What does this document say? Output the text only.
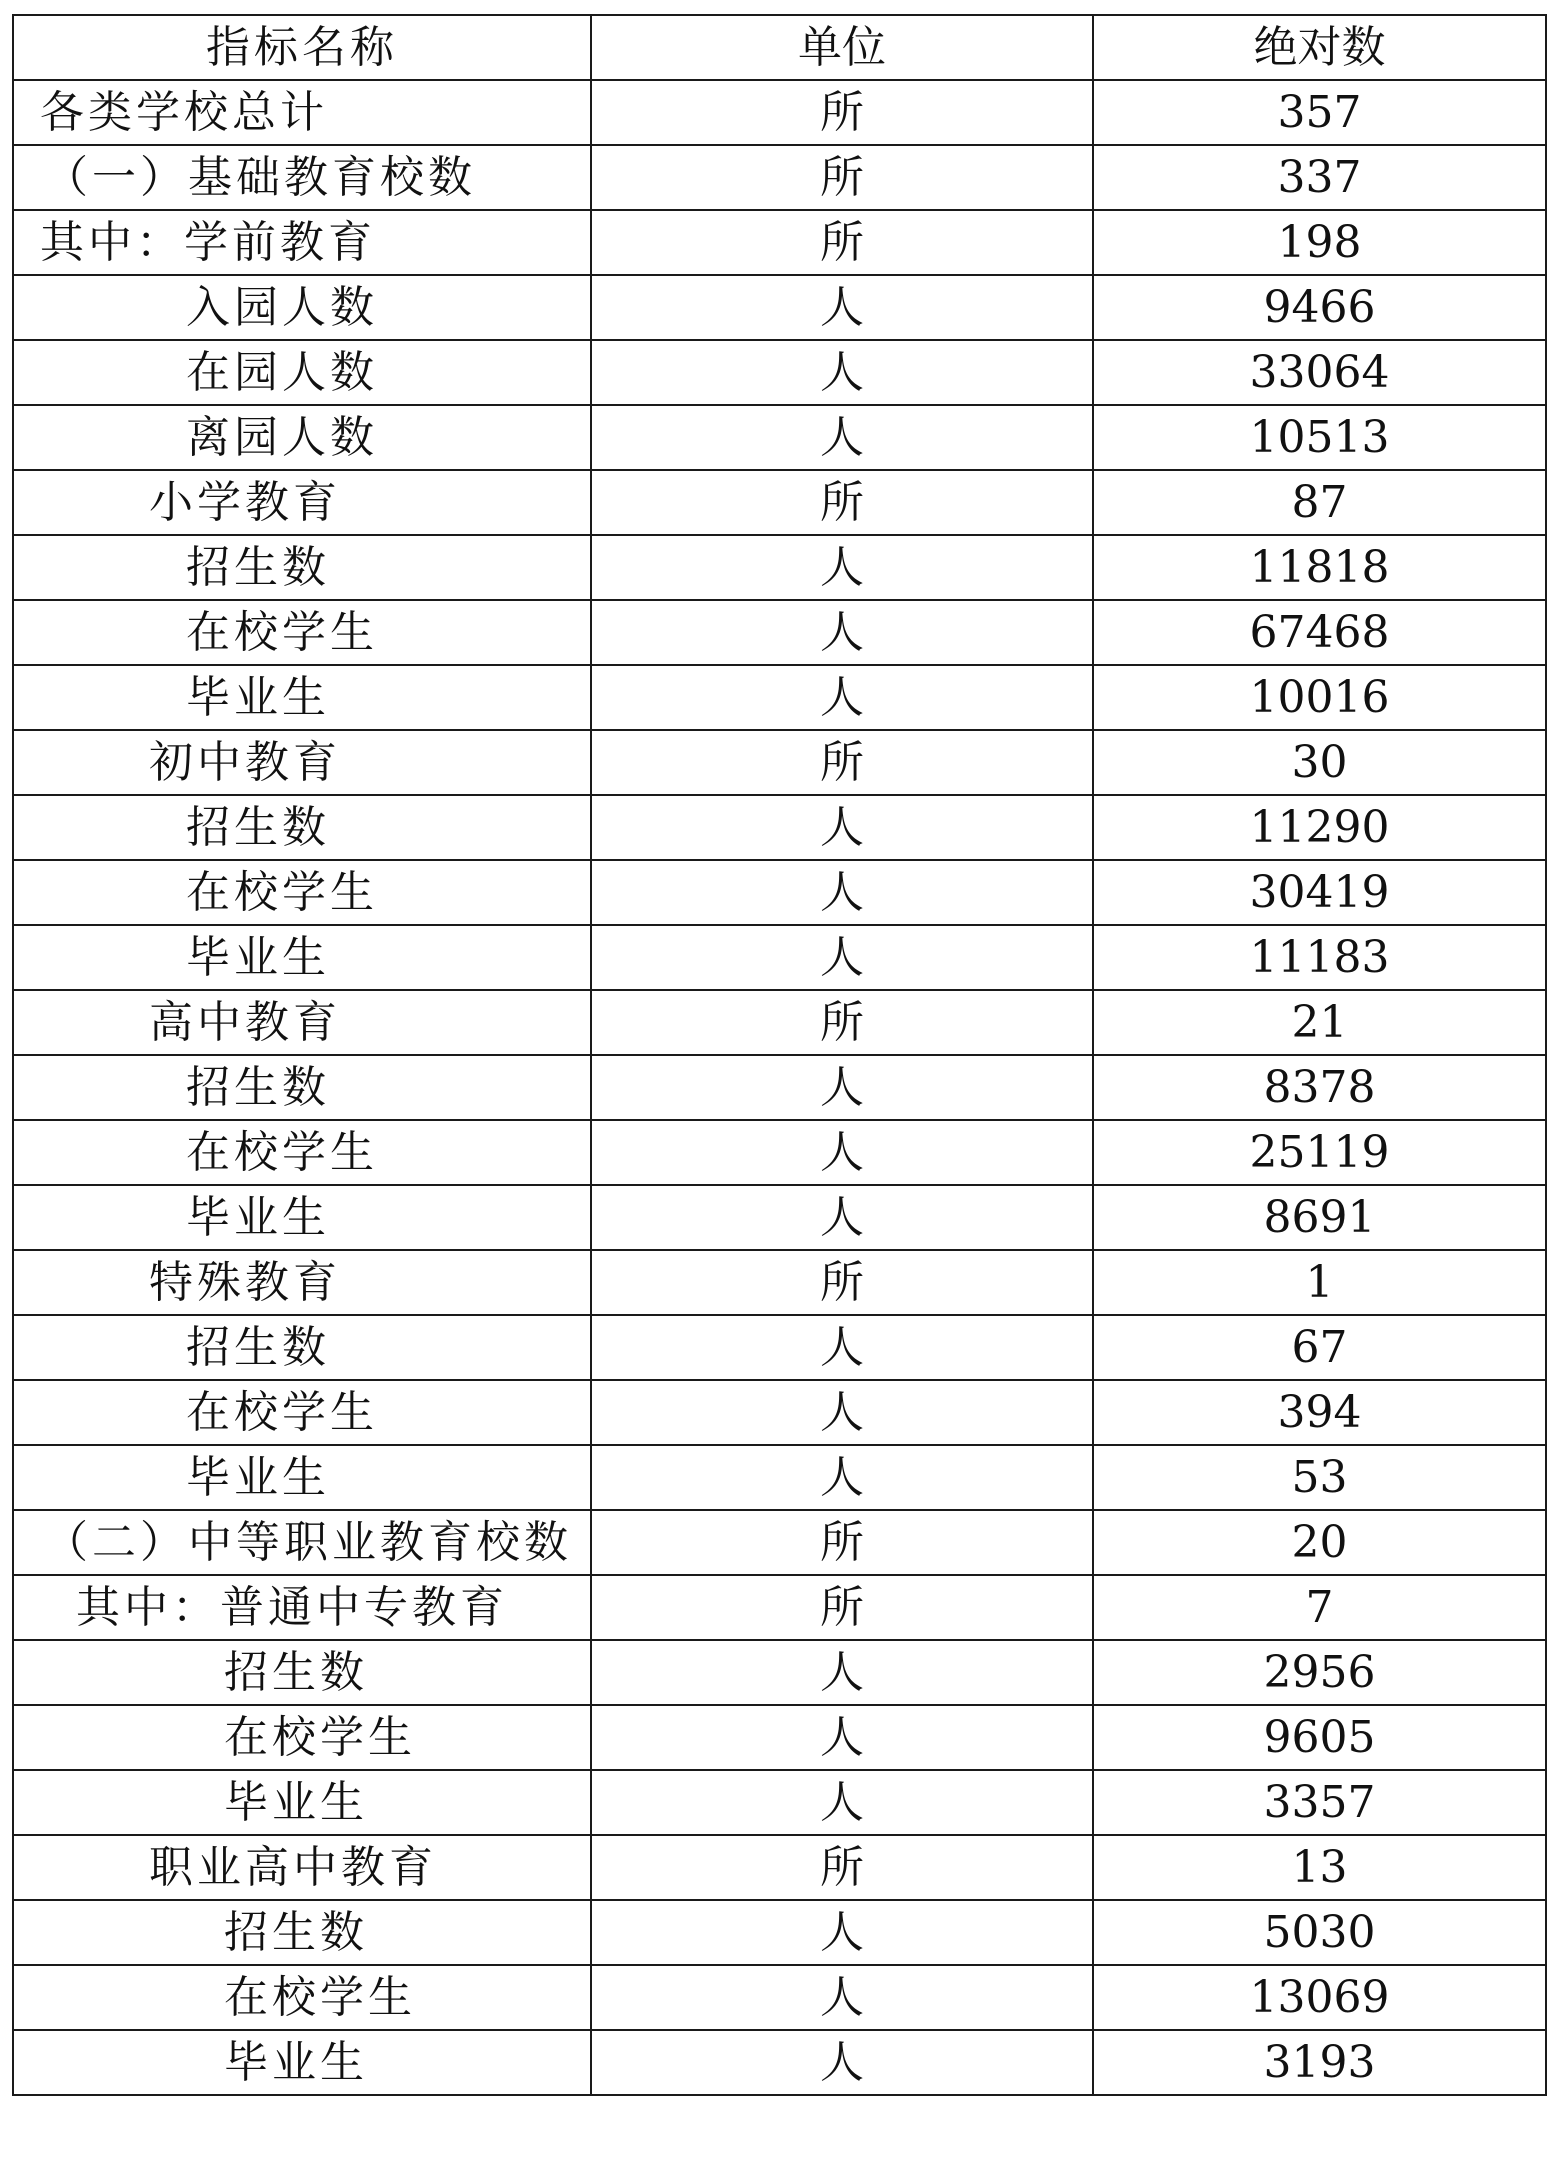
指标名称	单位	绝对数
各类学校总计	所	357
（一）基础教育校数	所	337
其中：学前教育	所	198
入园人数	人	9466
在园人数	人	33064
离园人数	人	10513
小学教育	所	87
招生数	人	11818
在校学生	人	67468
毕业生	人	10016
初中教育	所	30
招生数	人	11290
在校学生	人	30419
毕业生	人	11183
高中教育	所	21
招生数	人	8378
在校学生	人	25119
毕业生	人	8691
特殊教育	所	1
招生数	人	67
在校学生	人	394
毕业生	人	53
（二）中等职业教育校数	所	20
其中：普通中专教育	所	7
招生数	人	2956
在校学生	人	9605
毕业生	人	3357
职业高中教育	所	13
招生数	人	5030
在校学生	人	13069
毕业生	人	3193
